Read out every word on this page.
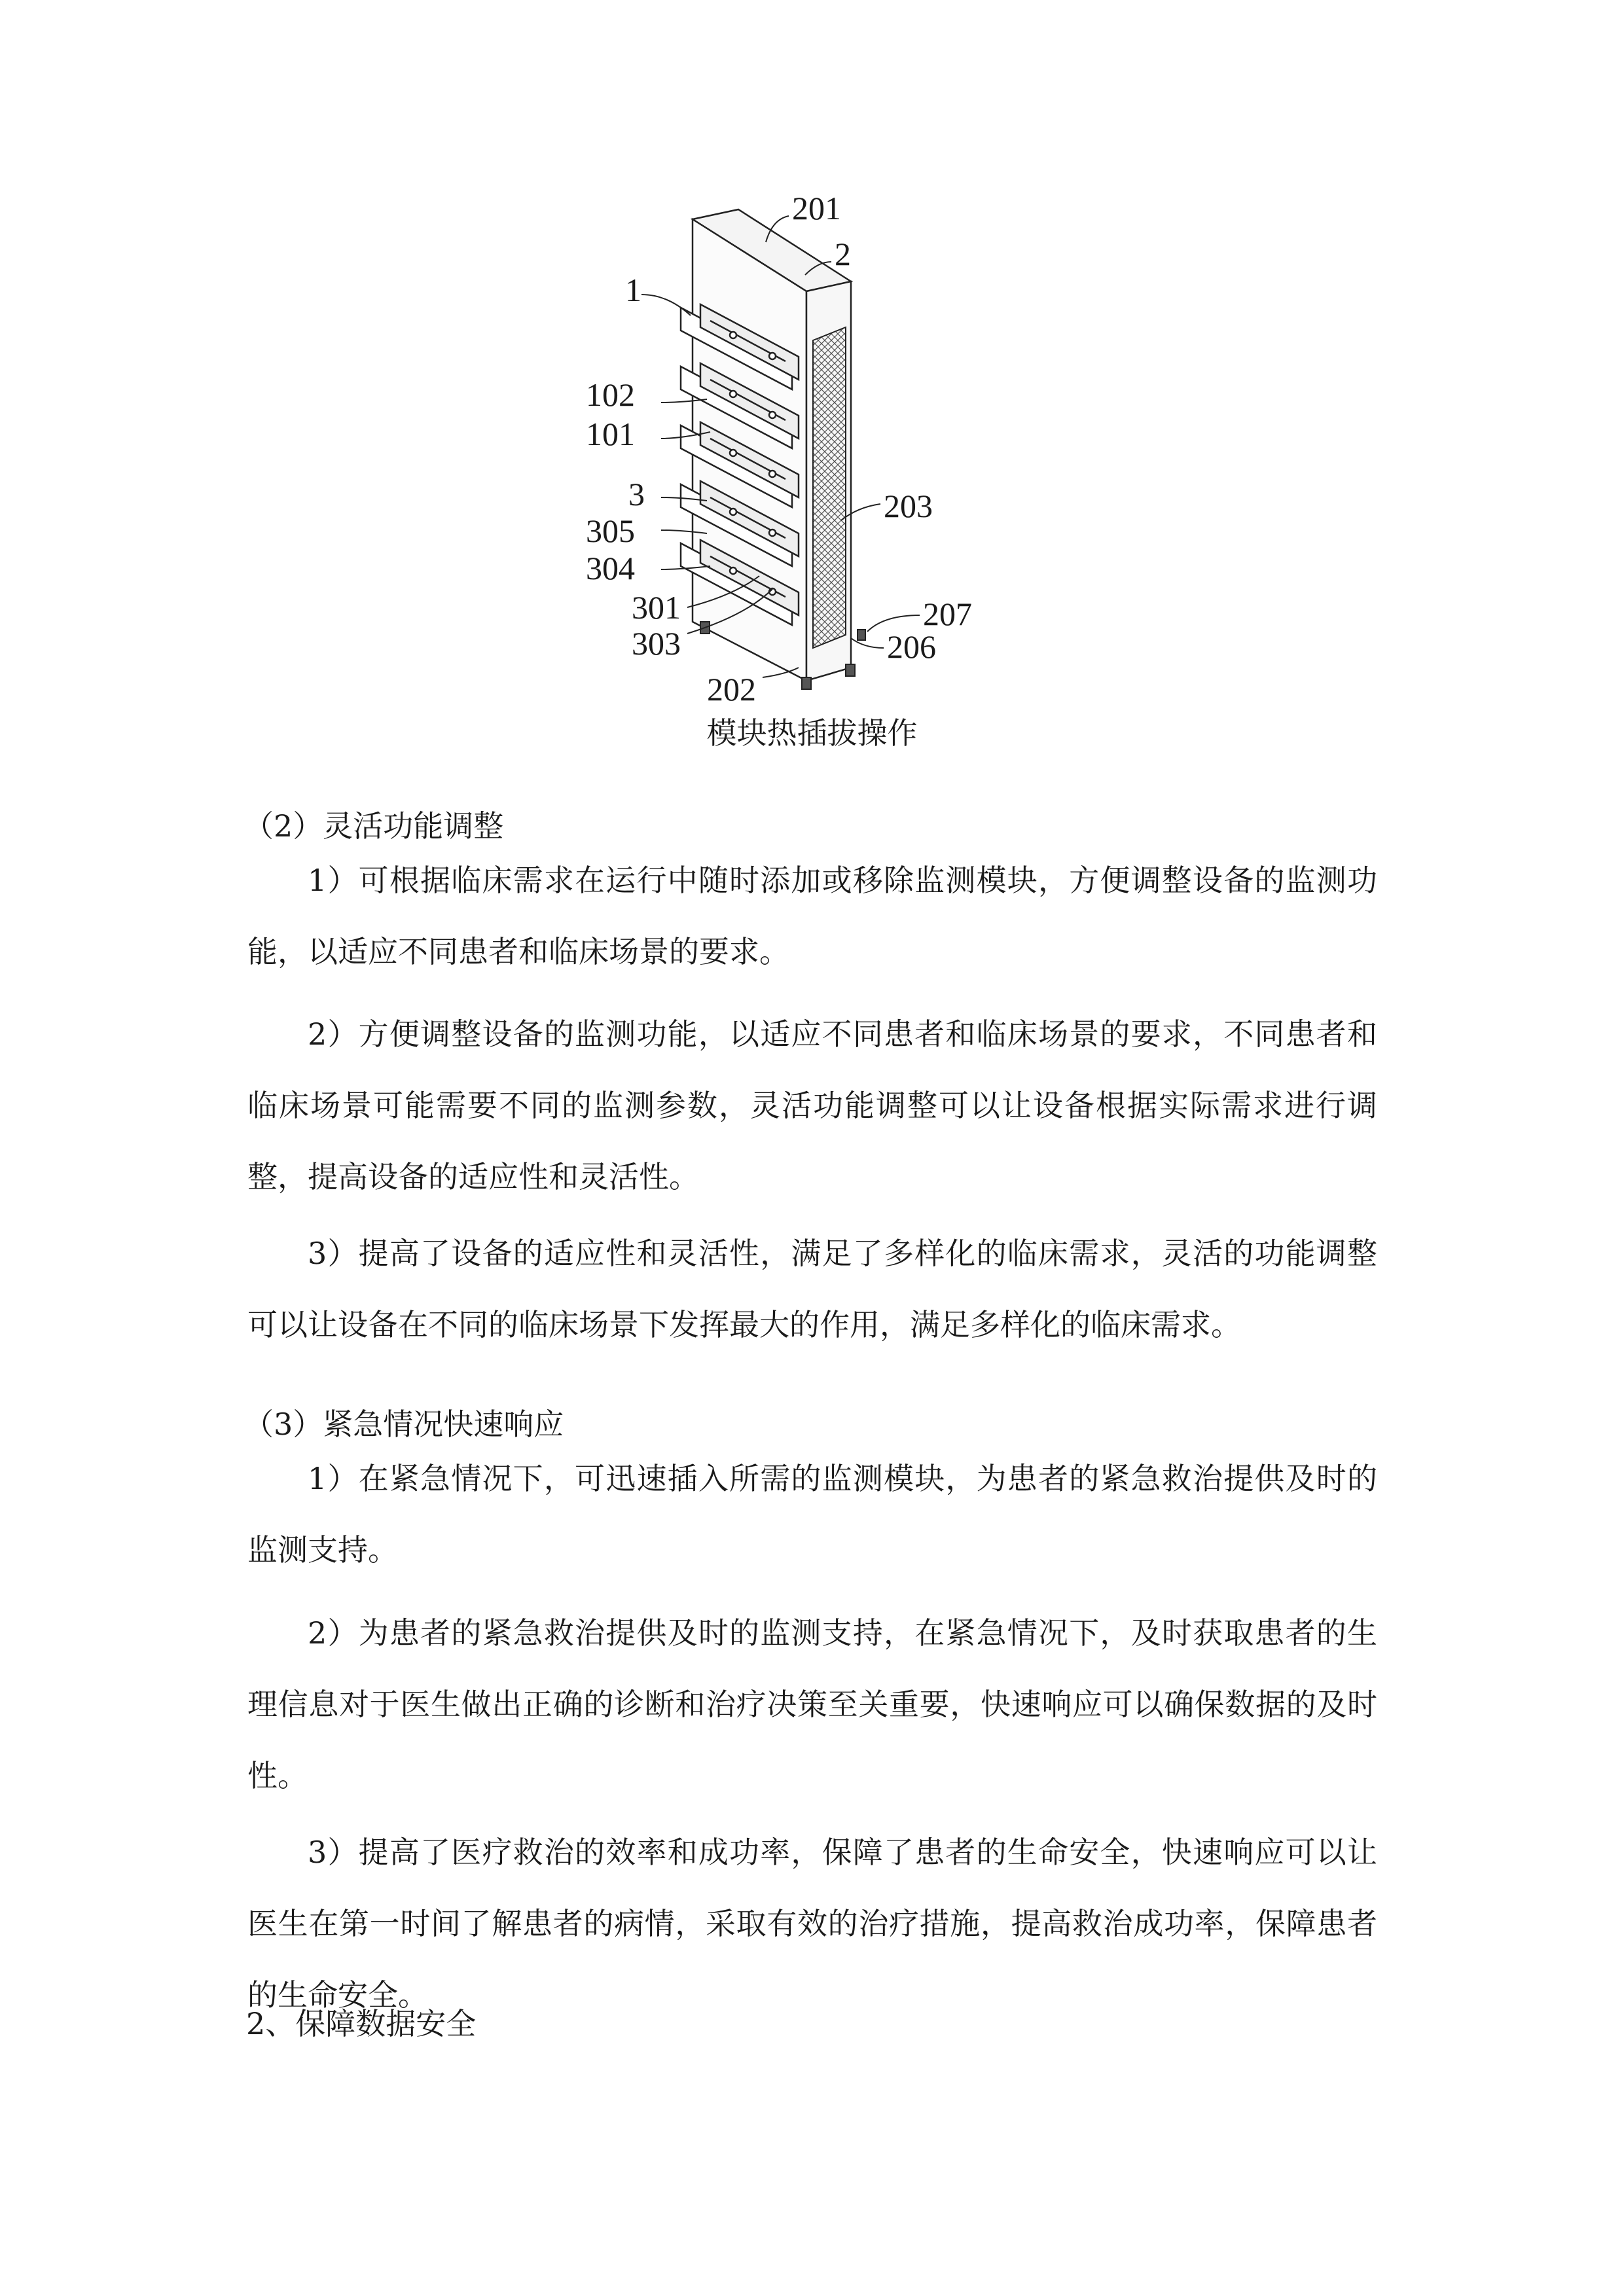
201
2
1
102
101
3
305
304
301
303
202
203
206
207
模块热插拔操作
（2）灵活功能调整
1）可根据临床需求在运行中随时添加或移除监测模块，方便调整设备的监测功能，以适应不同患者和临床场景的要求。
2）方便调整设备的监测功能，以适应不同患者和临床场景的要求，不同患者和临床场景可能需要不同的监测参数，灵活功能调整可以让设备根据实际需求进行调整，提高设备的适应性和灵活性。
3）提高了设备的适应性和灵活性，满足了多样化的临床需求，灵活的功能调整可以让设备在不同的临床场景下发挥最大的作用，满足多样化的临床需求。
（3）紧急情况快速响应
1）在紧急情况下，可迅速插入所需的监测模块，为患者的紧急救治提供及时的监测支持。
2）为患者的紧急救治提供及时的监测支持，在紧急情况下，及时获取患者的生理信息对于医生做出正确的诊断和治疗决策至关重要，快速响应可以确保数据的及时性。
3）提高了医疗救治的效率和成功率，保障了患者的生命安全，快速响应可以让医生在第一时间了解患者的病情，采取有效的治疗措施，提高救治成功率，保障患者的生命安全。
2、保障数据安全
